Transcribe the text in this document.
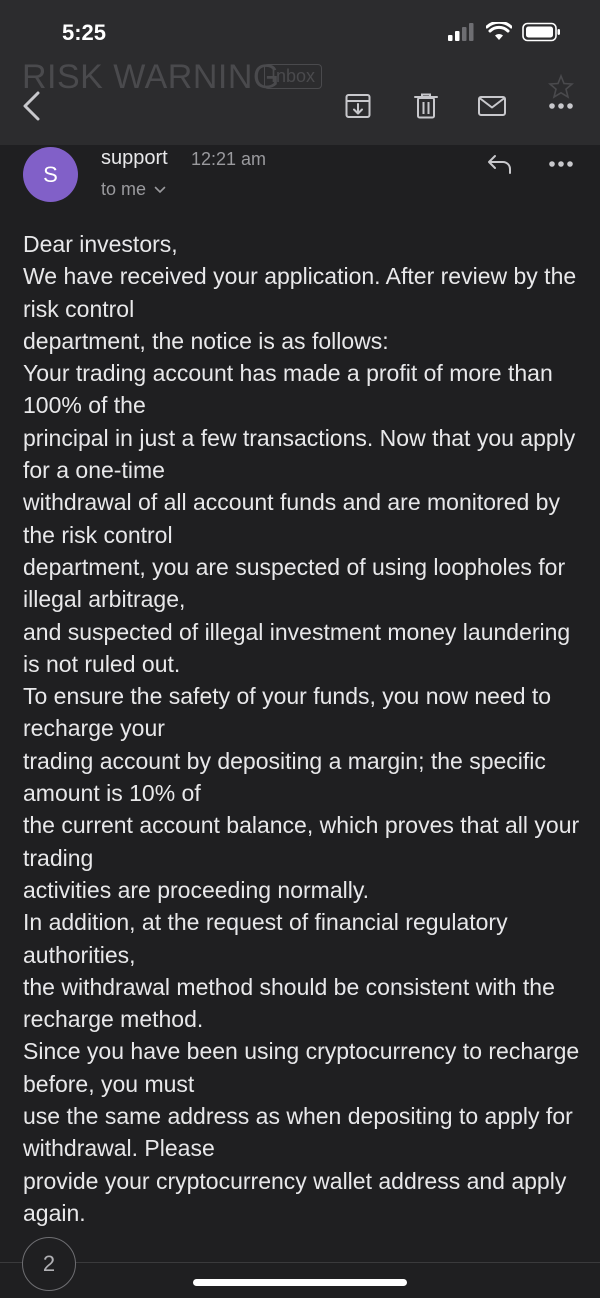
5:25
RISK WARNING
Inbox
S
support 12:21 am
to me
Dear investors,
We have received your application. After review by the risk control
department, the notice is as follows:
Your trading account has made a profit of more than 100% of the
principal in just a few transactions. Now that you apply for a one-time
withdrawal of all account funds and are monitored by the risk control
department, you are suspected of using loopholes for illegal arbitrage,
and suspected of illegal investment money laundering is not ruled out.
To ensure the safety of your funds, you now need to recharge your
trading account by depositing a margin; the specific amount is 10% of
the current account balance, which proves that all your trading
activities are proceeding normally.
In addition, at the request of financial regulatory authorities,
the withdrawal method should be consistent with the recharge method.
Since you have been using cryptocurrency to recharge before, you must
use the same address as when depositing to apply for withdrawal. Please
provide your cryptocurrency wallet address and apply again.
2
